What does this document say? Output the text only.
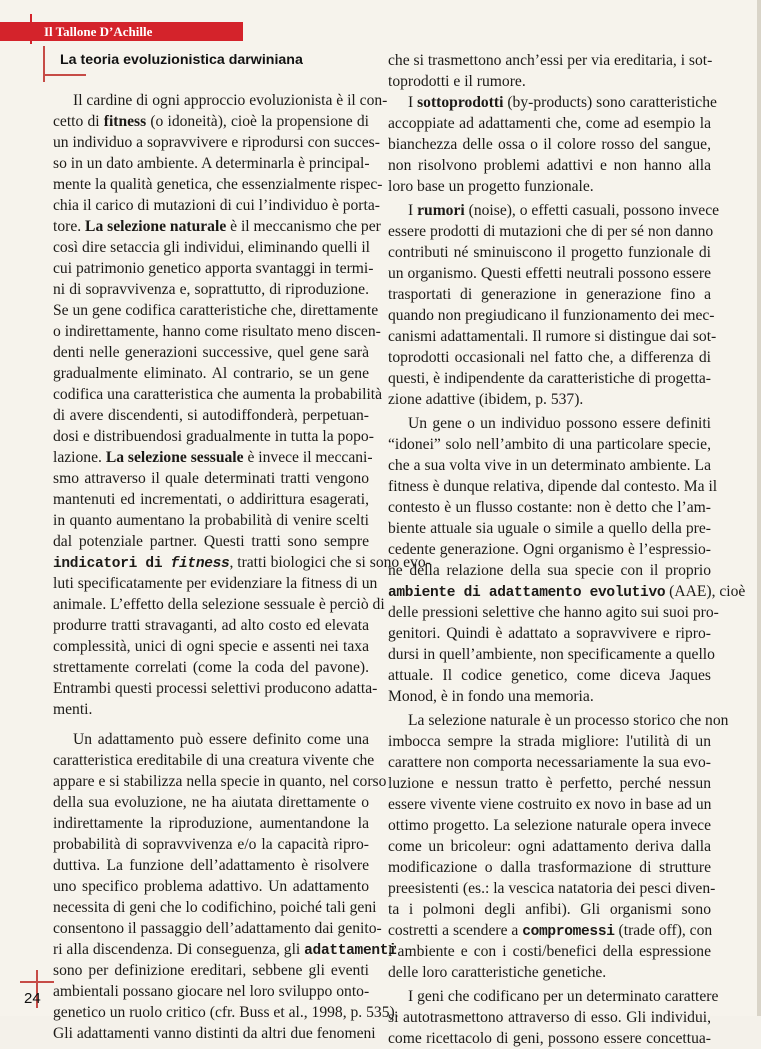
Il Tallone D’Achille
La teoria evoluzionistica darwiniana
Il cardine di ogni approccio evoluzionista è il con-
cetto di fitness (o idoneità), cioè la propensione di
un individuo a sopravvivere e riprodursi con succes-
so in un dato ambiente. A determinarla è principal-
mente la qualità genetica, che essenzialmente rispec-
chia il carico di mutazioni di cui l’individuo è porta-
tore. La selezione naturale è il meccanismo che per
così dire setaccia gli individui, eliminando quelli il
cui patrimonio genetico apporta svantaggi in termi-
ni di sopravvivenza e, soprattutto, di riproduzione.
Se un gene codifica caratteristiche che, direttamente
o indirettamente, hanno come risultato meno discen-
denti nelle generazioni successive, quel gene sarà
gradualmente eliminato. Al contrario, se un gene
codifica una caratteristica che aumenta la probabilità
di avere discendenti, si autodiffonderà, perpetuan-
dosi e distribuendosi gradualmente in tutta la popo-
lazione. La selezione sessuale è invece il meccani-
smo attraverso il quale determinati tratti vengono
mantenuti ed incrementati, o addirittura esagerati,
in quanto aumentano la probabilità di venire scelti
dal potenziale partner. Questi tratti sono sempre
indicatori di fitness, tratti biologici che si sono evo-
luti specificatamente per evidenziare la fitness di un
animale. L’effetto della selezione sessuale è perciò di
produrre tratti stravaganti, ad alto costo ed elevata
complessità, unici di ogni specie e assenti nei taxa
strettamente correlati (come la coda del pavone).
Entrambi questi processi selettivi producono adatta-
menti.
Un adattamento può essere definito come una
caratteristica ereditabile di una creatura vivente che
appare e si stabilizza nella specie in quanto, nel corso
della sua evoluzione, ne ha aiutata direttamente o
indirettamente la riproduzione, aumentandone la
probabilità di sopravvivenza e/o la capacità ripro-
duttiva. La funzione dell’adattamento è risolvere
uno specifico problema adattivo. Un adattamento
necessita di geni che lo codifichino, poiché tali geni
consentono il passaggio dell’adattamento dai genito-
ri alla discendenza. Di conseguenza, gli adattamenti
sono per definizione ereditari, sebbene gli eventi
ambientali possano giocare nel loro sviluppo onto-
genetico un ruolo critico (cfr. Buss et al., 1998, p. 535).
Gli adattamenti vanno distinti da altri due fenomeni
che si trasmettono anch’essi per via ereditaria, i sot-
toprodotti e il rumore.
I sottoprodotti (by-products) sono caratteristiche
accoppiate ad adattamenti che, come ad esempio la
bianchezza delle ossa o il colore rosso del sangue,
non risolvono problemi adattivi e non hanno alla
loro base un progetto funzionale.
I rumori (noise), o effetti casuali, possono invece
essere prodotti di mutazioni che di per sé non danno
contributi né sminuiscono il progetto funzionale di
un organismo. Questi effetti neutrali possono essere
trasportati di generazione in generazione fino a
quando non pregiudicano il funzionamento dei mec-
canismi adattamentali. Il rumore si distingue dai sot-
toprodotti occasionali nel fatto che, a differenza di
questi, è indipendente da caratteristiche di progetta-
zione adattive (ibidem, p. 537).
Un gene o un individuo possono essere definiti
“idonei” solo nell’ambito di una particolare specie,
che a sua volta vive in un determinato ambiente. La
fitness è dunque relativa, dipende dal contesto. Ma il
contesto è un flusso costante: non è detto che l’am-
biente attuale sia uguale o simile a quello della pre-
cedente generazione. Ogni organismo è l’espressio-
ne della relazione della sua specie con il proprio
ambiente di adattamento evolutivo (AAE), cioè
delle pressioni selettive che hanno agito sui suoi pro-
genitori. Quindi è adattato a sopravvivere e ripro-
dursi in quell’ambiente, non specificamente a quello
attuale. Il codice genetico, come diceva Jaques
Monod, è in fondo una memoria.
La selezione naturale è un processo storico che non
imbocca sempre la strada migliore: l'utilità di un
carattere non comporta necessariamente la sua evo-
luzione e nessun tratto è perfetto, perché nessun
essere vivente viene costruito ex novo in base ad un
ottimo progetto. La selezione naturale opera invece
come un bricoleur: ogni adattamento deriva dalla
modificazione o dalla trasformazione di strutture
preesistenti (es.: la vescica natatoria dei pesci diven-
ta i polmoni degli anfibi). Gli organismi sono
costretti a scendere a compromessi (trade off), con
l’ambiente e con i costi/benefici della espressione
delle loro caratteristiche genetiche.
I geni che codificano per un determinato carattere
si autotrasmettono attraverso di esso. Gli individui,
come ricettacolo di geni, possono essere concettua-
24
